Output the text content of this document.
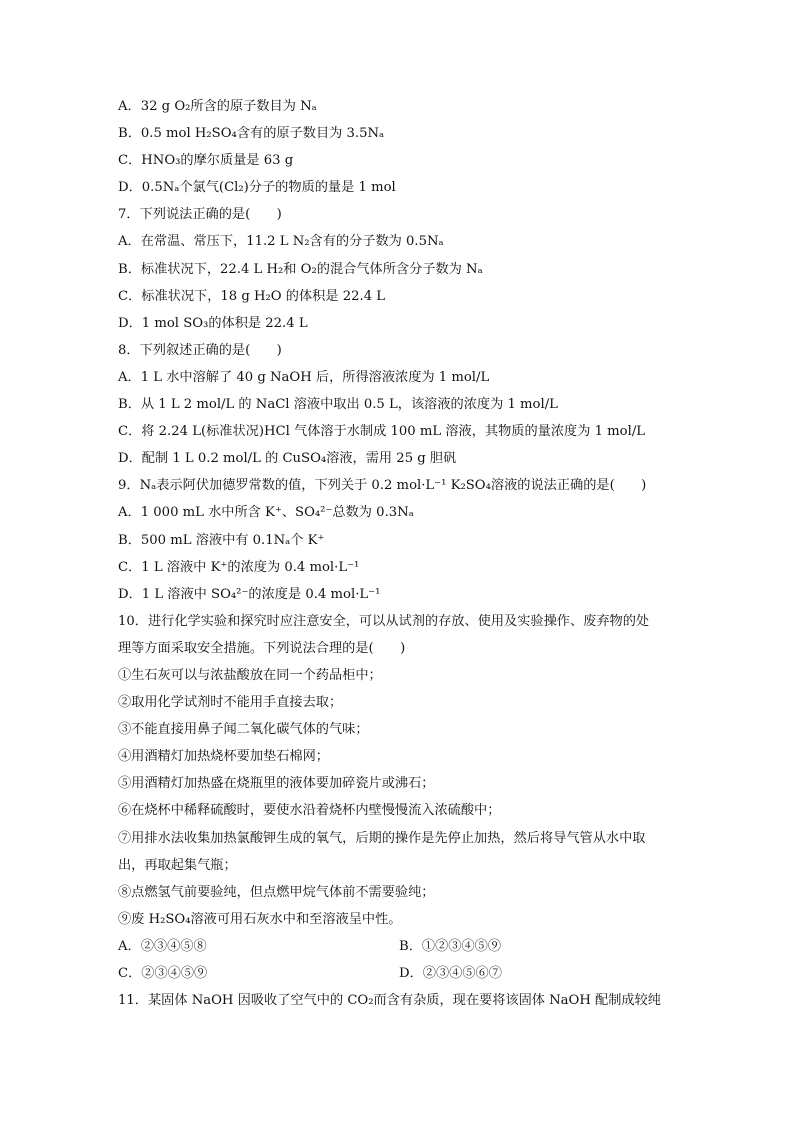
A．32 g O₂所含的原子数目为 Nₐ
B．0.5 mol H₂SO₄含有的原子数目为 3.5Nₐ
C．HNO₃的摩尔质量是 63 g
D．0.5Nₐ个氯气(Cl₂)分子的物质的量是 1 mol
7．下列说法正确的是(　　)
A．在常温、常压下，11.2 L N₂含有的分子数为 0.5Nₐ
B．标准状况下，22.4 L H₂和 O₂的混合气体所含分子数为 Nₐ
C．标准状况下，18 g H₂O 的体积是 22.4 L
D．1 mol SO₃的体积是 22.4 L
8．下列叙述正确的是(　　)
A．1 L 水中溶解了 40 g NaOH 后，所得溶液浓度为 1 mol/L
B．从 1 L 2 mol/L 的 NaCl 溶液中取出 0.5 L，该溶液的浓度为 1 mol/L
C．将 2.24 L(标准状况)HCl 气体溶于水制成 100 mL 溶液，其物质的量浓度为 1 mol/L
D．配制 1 L 0.2 mol/L 的 CuSO₄溶液，需用 25 g 胆矾
9．Nₐ表示阿伏加德罗常数的值，下列关于 0.2 mol·L⁻¹ K₂SO₄溶液的说法正确的是(　　)
A．1 000 mL 水中所含 K⁺、SO₄²⁻总数为 0.3Nₐ
B．500 mL 溶液中有 0.1Nₐ个 K⁺
C．1 L 溶液中 K⁺的浓度为 0.4 mol·L⁻¹
D．1 L 溶液中 SO₄²⁻的浓度是 0.4 mol·L⁻¹
10．进行化学实验和探究时应注意安全，可以从试剂的存放、使用及实验操作、废弃物的处
理等方面采取安全措施。下列说法合理的是(　　)
①生石灰可以与浓盐酸放在同一个药品柜中；
②取用化学试剂时不能用手直接去取；
③不能直接用鼻子闻二氧化碳气体的气味；
④用酒精灯加热烧杯要加垫石棉网；
⑤用酒精灯加热盛在烧瓶里的液体要加碎瓷片或沸石；
⑥在烧杯中稀释硫酸时，要使水沿着烧杯内壁慢慢流入浓硫酸中；
⑦用排水法收集加热氯酸钾生成的氧气，后期的操作是先停止加热，然后将导气管从水中取
出，再取起集气瓶；
⑧点燃氢气前要验纯，但点燃甲烷气体前不需要验纯；
⑨废 H₂SO₄溶液可用石灰水中和至溶液呈中性。
A．②③④⑤⑧	B．①②③④⑤⑨
C．②③④⑤⑨	D．②③④⑤⑥⑦
11．某固体 NaOH 因吸收了空气中的 CO₂而含有杂质，现在要将该固体 NaOH 配制成较纯
